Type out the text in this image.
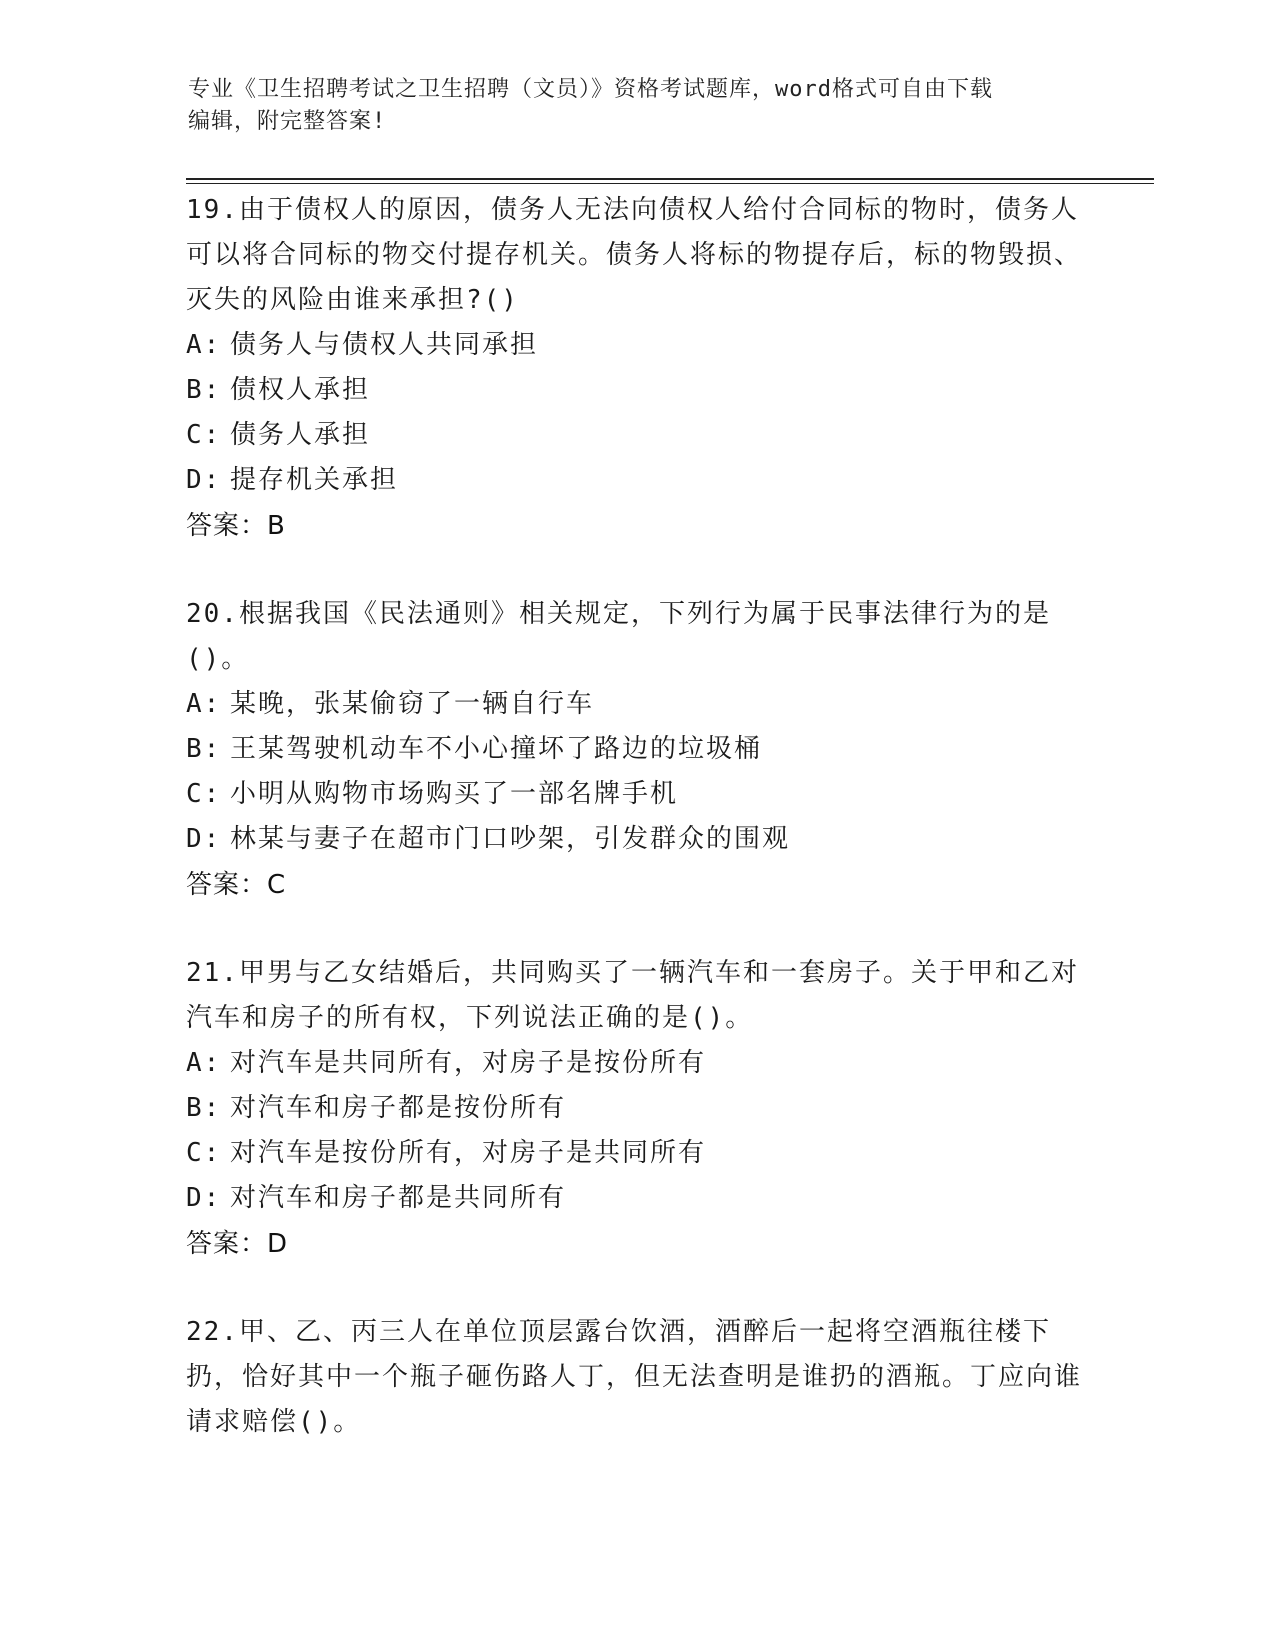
专业《卫生招聘考试之卫生招聘（文员）》资格考试题库，word格式可自由下载
编辑，附完整答案!
19.由于债权人的原因，债务人无法向债权人给付合同标的物时，债务人可以将合同标的物交付提存机关。债务人将标的物提存后，标的物毁损、灭失的风险由谁来承担?()
A: 债务人与债权人共同承担
B: 债权人承担
C: 债务人承担
D: 提存机关承担
答案：B
20.根据我国《民法通则》相关规定，下列行为属于民事法律行为的是()。
A: 某晚，张某偷窃了一辆自行车
B: 王某驾驶机动车不小心撞坏了路边的垃圾桶
C: 小明从购物市场购买了一部名牌手机
D: 林某与妻子在超市门口吵架，引发群众的围观
答案：C
21.甲男与乙女结婚后，共同购买了一辆汽车和一套房子。关于甲和乙对汽车和房子的所有权，下列说法正确的是()。
A: 对汽车是共同所有，对房子是按份所有
B: 对汽车和房子都是按份所有
C: 对汽车是按份所有，对房子是共同所有
D: 对汽车和房子都是共同所有
答案：D
22.甲、乙、丙三人在单位顶层露台饮酒，酒醉后一起将空酒瓶往楼下扔，恰好其中一个瓶子砸伤路人丁，但无法查明是谁扔的酒瓶。丁应向谁请求赔偿()。
